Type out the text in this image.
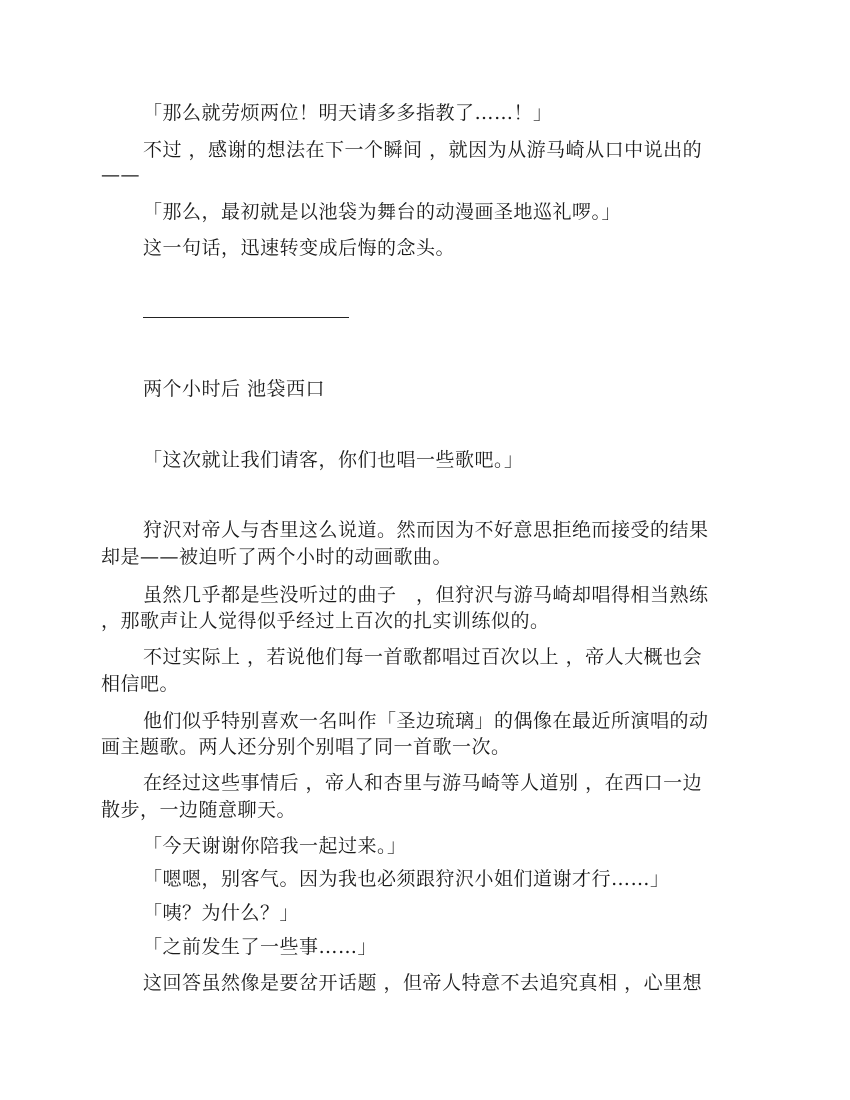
「那么就劳烦两位！明天请多多指教了……！」

不过 ，感谢的想法在下一个瞬间 ，就因为从游马崎从口中说出的

——

「那么，最初就是以池袋为舞台的动漫画圣地巡礼啰。」

这一句话，迅速转变成后悔的念头。

两个小时后 池袋西口

「这次就让我们请客，你们也唱一些歌吧。」

狩沢对帝人与杏里这么说道。然而因为不好意思拒绝而接受的结果

却是——被迫听了两个小时的动画歌曲。

虽然几乎都是些没听过的曲子　，但狩沢与游马崎却唱得相当熟练

，那歌声让人觉得似乎经过上百次的扎实训练似的。

不过实际上 ，若说他们每一首歌都唱过百次以上 ，帝人大概也会

相信吧。

他们似乎特别喜欢一名叫作「圣边琉璃」的偶像在最近所演唱的动

画主题歌。两人还分别个别唱了同一首歌一次。

在经过这些事情后 ，帝人和杏里与游马崎等人道别 ，在西口一边

散步，一边随意聊天。

「今天谢谢你陪我一起过来。」

「嗯嗯，别客气。因为我也必须跟狩沢小姐们道谢才行……」

「咦？为什么？」

「之前发生了一些事……」

这回答虽然像是要岔开话题 ，但帝人特意不去追究真相 ，心里想
